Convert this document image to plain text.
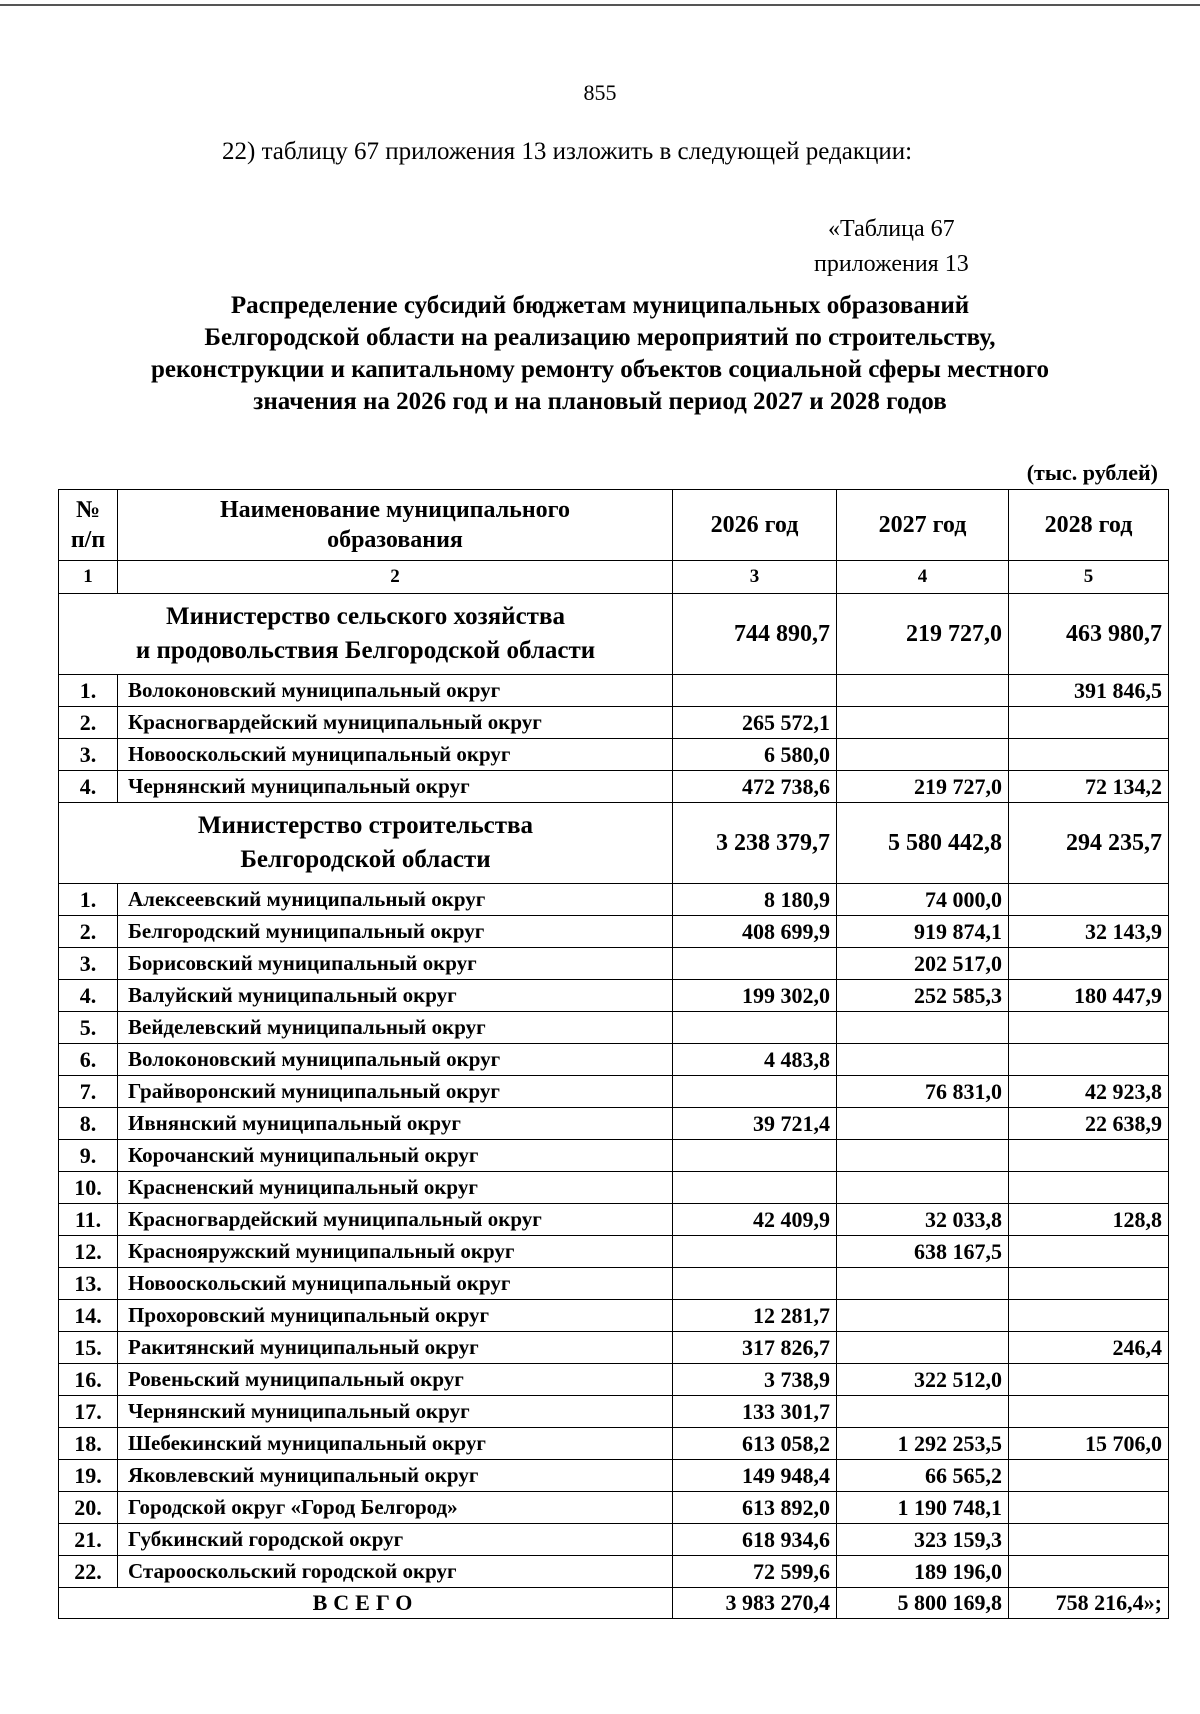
855
22) таблицу 67 приложения 13 изложить в следующей редакции:
«Таблица 67
приложения 13
Распределение субсидий бюджетам муниципальных образований
Белгородской области на реализацию мероприятий по строительству,
реконструкции и капитальному ремонту объектов социальной сферы местного
значения на 2026 год и на плановый период 2027 и 2028 годов
(тыс. рублей)
№
п/п	Наименование муниципального
образования	2026 год	2027 год	2028 год
1	2	3	4	5
Министерство сельского хозяйства
и продовольствия Белгородской области		744 890,7	219 727,0	463 980,7
1.	Волоконовский муниципальный округ			391 846,5
2.	Красногвардейский муниципальный округ	265 572,1		
3.	Новооскольский муниципальный округ	6 580,0		
4.	Чернянский муниципальный округ	472 738,6	219 727,0	72 134,2
Министерство строительства
Белгородской области		3 238 379,7	5 580 442,8	294 235,7
1.	Алексеевский муниципальный округ	8 180,9	74 000,0	
2.	Белгородский муниципальный округ	408 699,9	919 874,1	32 143,9
3.	Борисовский муниципальный округ		202 517,0	
4.	Валуйский муниципальный округ	199 302,0	252 585,3	180 447,9
5.	Вейделевский муниципальный округ			
6.	Волоконовский муниципальный округ	4 483,8		
7.	Грайворонский муниципальный округ		76 831,0	42 923,8
8.	Ивнянский муниципальный округ	39 721,4		22 638,9
9.	Корочанский муниципальный округ			
10.	Красненский муниципальный округ			
11.	Красногвардейский муниципальный округ	42 409,9	32 033,8	128,8
12.	Краснояружский муниципальный округ		638 167,5	
13.	Новооскольский муниципальный округ			
14.	Прохоровский муниципальный округ	12 281,7		
15.	Ракитянский муниципальный округ	317 826,7		246,4
16.	Ровеньский муниципальный округ	3 738,9	322 512,0	
17.	Чернянский муниципальный округ	133 301,7		
18.	Шебекинский муниципальный округ	613 058,2	1 292 253,5	15 706,0
19.	Яковлевский муниципальный округ	149 948,4	66 565,2	
20.	Городской округ «Город Белгород»	613 892,0	1 190 748,1	
21.	Губкинский городской округ	618 934,6	323 159,3	
22.	Старооскольский городской округ	72 599,6	189 196,0	
ВСЕГО		3 983 270,4	5 800 169,8	758 216,4»;
